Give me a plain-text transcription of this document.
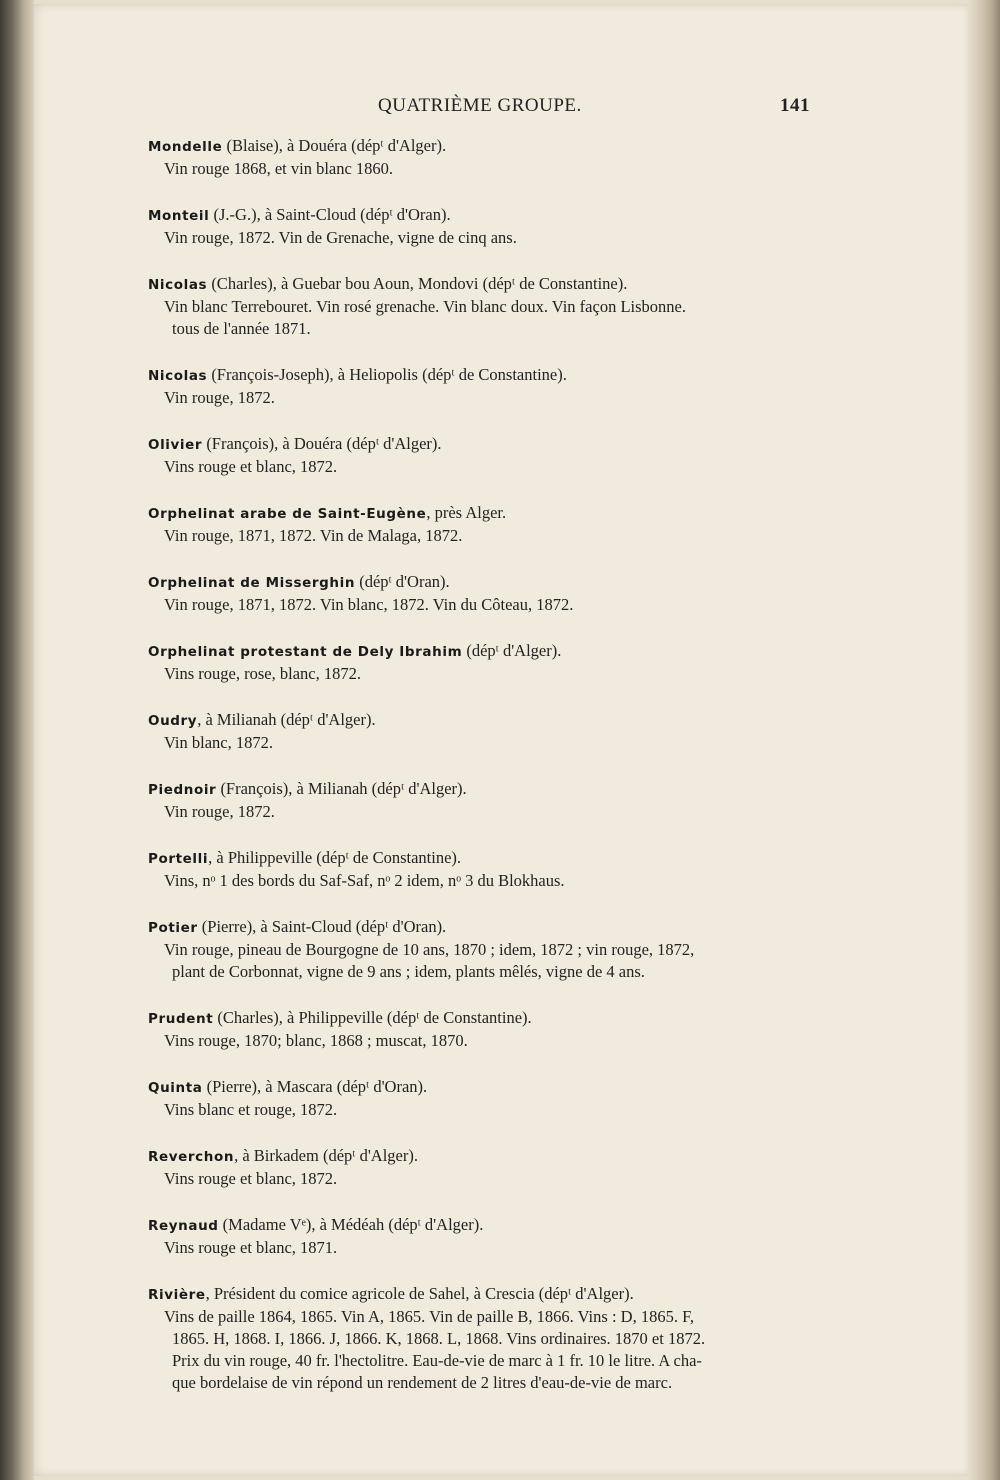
QUATRIÈME GROUPE.	141
Mondelle (Blaise), à Douéra (dépᵗ d'Alger).
Vin rouge 1868, et vin blanc 1860.
Monteil (J.-G.), à Saint-Cloud (dépᵗ d'Oran).
Vin rouge, 1872. Vin de Grenache, vigne de cinq ans.
Nicolas (Charles), à Guebar bou Aoun, Mondovi (dépᵗ de Constantine).
Vin blanc Terrebouret. Vin rosé grenache. Vin blanc doux. Vin façon Lisbonne.
tous de l'année 1871.
Nicolas (François-Joseph), à Heliopolis (dépᵗ de Constantine).
Vin rouge, 1872.
Olivier (François), à Douéra (dépᵗ d'Alger).
Vins rouge et blanc, 1872.
Orphelinat arabe de Saint-Eugène, près Alger.
Vin rouge, 1871, 1872. Vin de Malaga, 1872.
Orphelinat de Misserghin (dépᵗ d'Oran).
Vin rouge, 1871, 1872. Vin blanc, 1872. Vin du Côteau, 1872.
Orphelinat protestant de Dely Ibrahim (dépᵗ d'Alger).
Vins rouge, rose, blanc, 1872.
Oudry, à Milianah (dépᵗ d'Alger).
Vin blanc, 1872.
Piednoir (François), à Milianah (dépᵗ d'Alger).
Vin rouge, 1872.
Portelli, à Philippeville (dépᵗ de Constantine).
Vins, nᵒ 1 des bords du Saf-Saf, nᵒ 2 idem, nᵒ 3 du Blokhaus.
Potier (Pierre), à Saint-Cloud (dépᵗ d'Oran).
Vin rouge, pineau de Bourgogne de 10 ans, 1870 ; idem, 1872 ; vin rouge, 1872,
plant de Corbonnat, vigne de 9 ans ; idem, plants mêlés, vigne de 4 ans.
Prudent (Charles), à Philippeville (dépᵗ de Constantine).
Vins rouge, 1870; blanc, 1868 ; muscat, 1870.
Quinta (Pierre), à Mascara (dépᵗ d'Oran).
Vins blanc et rouge, 1872.
Reverchon, à Birkadem (dépᵗ d'Alger).
Vins rouge et blanc, 1872.
Reynaud (Madame Vᵉ), à Médéah (dépᵗ d'Alger).
Vins rouge et blanc, 1871.
Rivière, Président du comice agricole de Sahel, à Crescia (dépᵗ d'Alger).
Vins de paille 1864, 1865. Vin A, 1865. Vin de paille B, 1866. Vins : D, 1865. F,
1865. H, 1868. I, 1866. J, 1866. K, 1868. L, 1868. Vins ordinaires. 1870 et 1872.
Prix du vin rouge, 40 fr. l'hectolitre. Eau-de-vie de marc à 1 fr. 10 le litre. A cha-
que bordelaise de vin répond un rendement de 2 litres d'eau-de-vie de marc.
